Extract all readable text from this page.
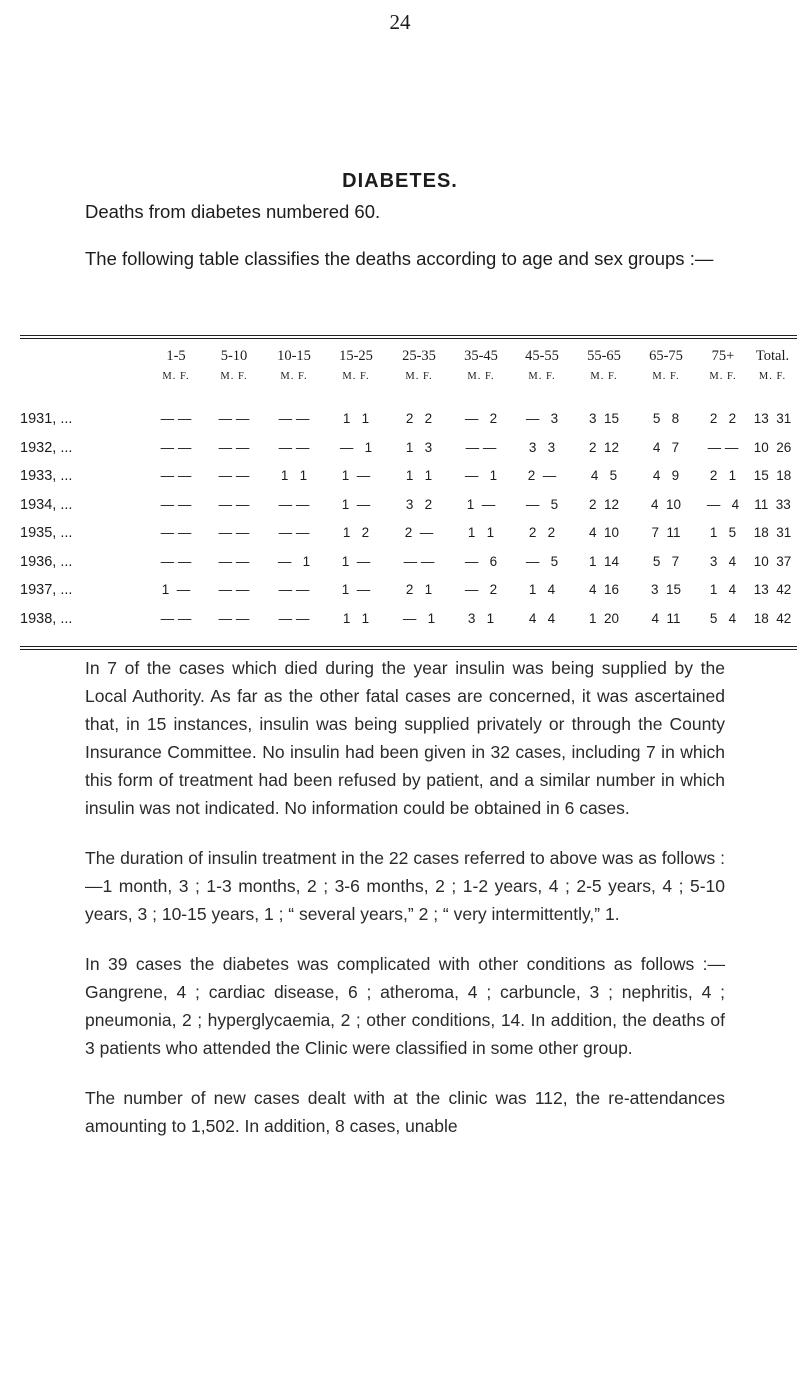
24
DIABETES.

Deaths from diabetes numbered 60.

The following table classifies the deaths according to age and sex groups :—

1-5	5-10	10-15	15-25	25-35	35-45	45-55	55-65	65-75	75+	Total.
M. F.	M. F.	M. F.	M. F.	M. F.	M. F.	M. F.	M. F.	M. F.	M. F.	M. F.
1931, ...	— —	— —	— —	1   1	2   2	—   2	—   3	3  15	5   8	2   2	13  31
1932, ...	— —	— —	— —	—   1	1   3	— —	3   3	2  12	4   7	— —	10  26
1933, ...	— —	— —	1   1	1  —	1   1	—   1	2  —	4   5	4   9	2   1	15  18
1934, ...	— —	— —	— —	1  —	3   2	1  —	—   5	2  12	4  10	—   4	11  33
1935, ...	— —	— —	— —	1   2	2  —	1   1	2   2	4  10	7  11	1   5	18  31
1936, ...	— —	— —	—   1	1  —	— —	—   6	—   5	1  14	5   7	3   4	10  37
1937, ...	1  —	— —	— —	1  —	2   1	—   2	1   4	4  16	3  15	1   4	13  42
1938, ...	— —	— —	— —	1   1	—   1	3   1	4   4	1  20	4  11	5   4	18  42

In 7 of the cases which died during the year insulin was being supplied by the Local Authority. As far as the other fatal cases are concerned, it was ascertained that, in 15 instances, insulin was being supplied privately or through the County Insurance Committee. No insulin had been given in 32 cases, including 7 in which this form of treatment had been refused by patient, and a similar number in which insulin was not indicated. No information could be obtained in 6 cases.

The duration of insulin treatment in the 22 cases referred to above was as follows :—1 month, 3 ; 1-3 months, 2 ; 3-6 months, 2 ; 1-2 years, 4 ; 2-5 years, 4 ; 5-10 years, 3 ; 10-15 years, 1 ; “ several years,” 2 ; “ very intermittently,” 1.

In 39 cases the diabetes was complicated with other conditions as follows :—Gangrene, 4 ; cardiac disease, 6 ; atheroma, 4 ; carbuncle, 3 ; nephritis, 4 ; pneumonia, 2 ; hyperglycaemia, 2 ; other conditions, 14. In addition, the deaths of 3 patients who attended the Clinic were classified in some other group.

The number of new cases dealt with at the clinic was 112, the re-attendances amounting to 1,502. In addition, 8 cases, unable
